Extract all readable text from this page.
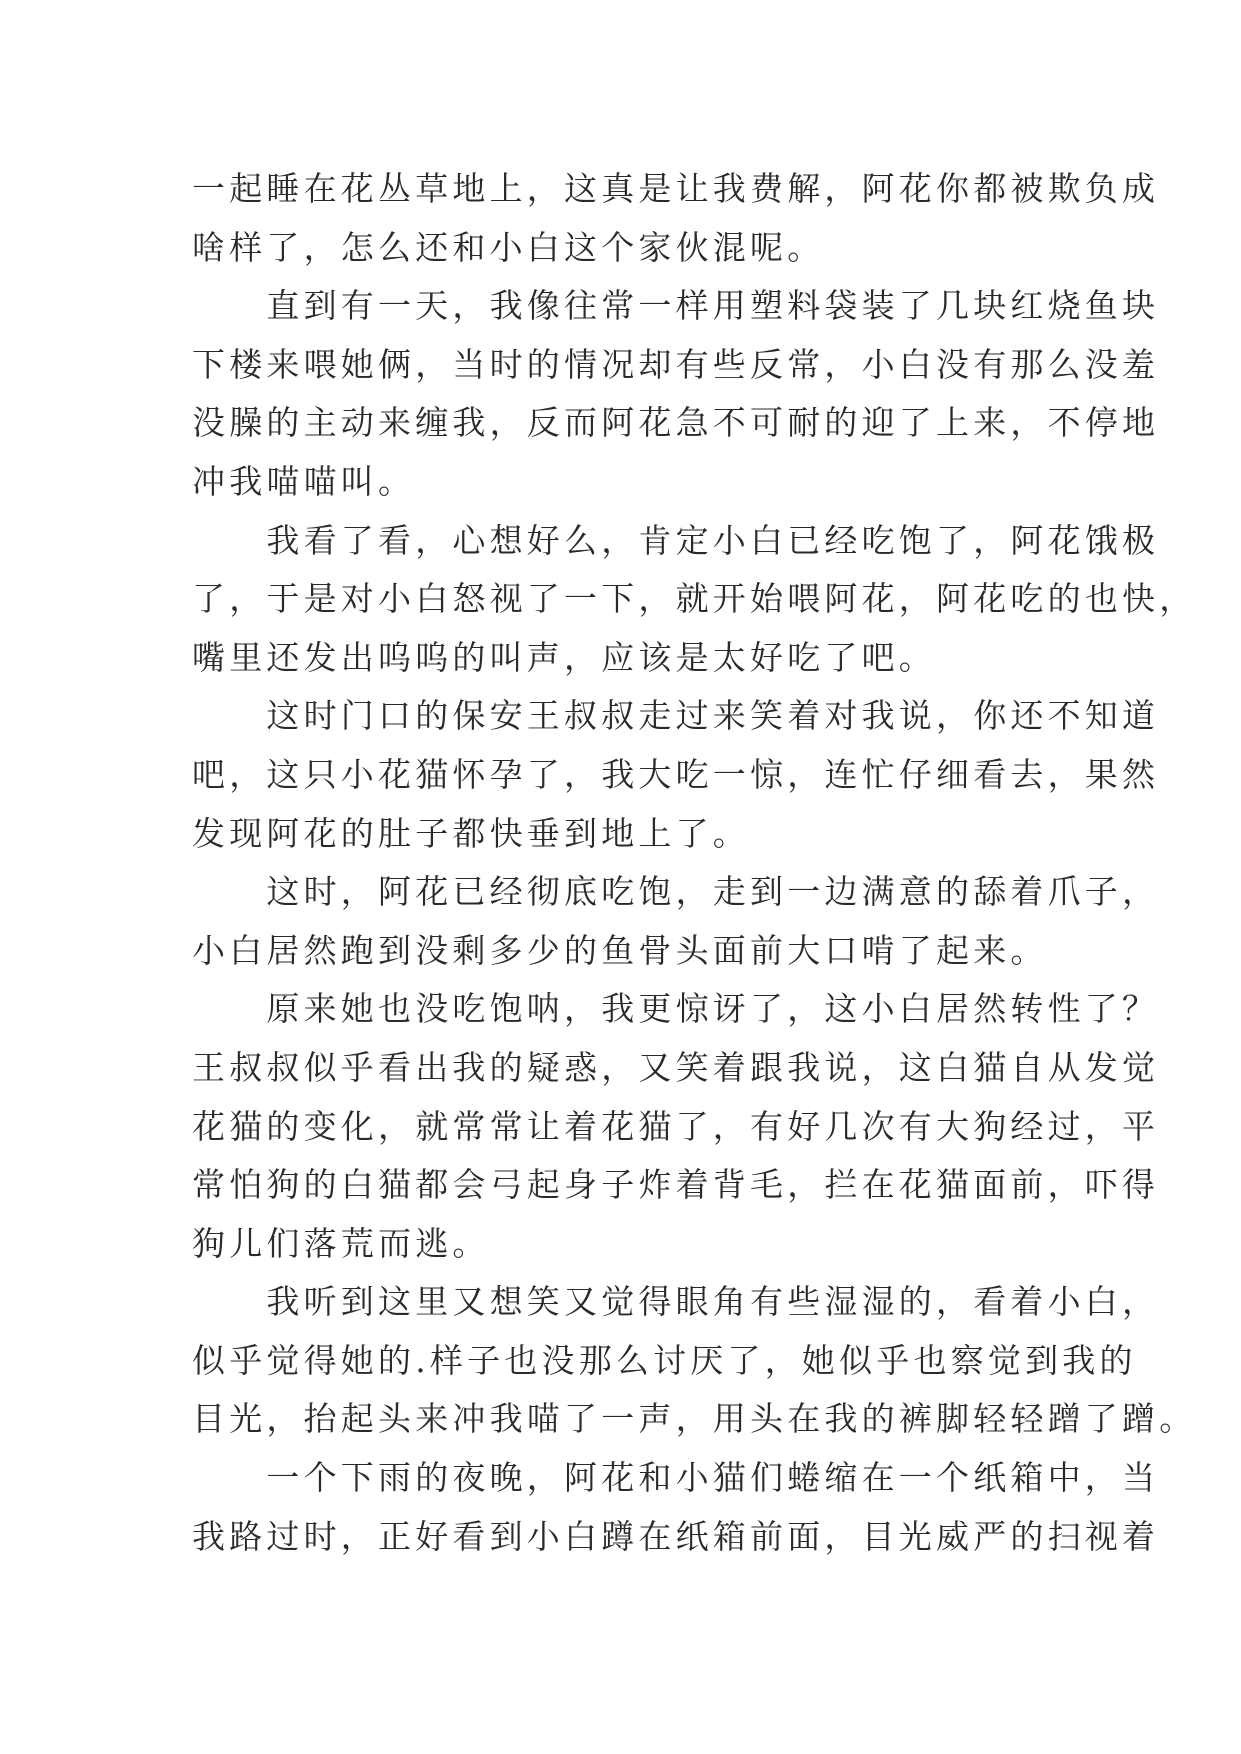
一起睡在花丛草地上，这真是让我费解，阿花你都被欺负成
啥样了，怎么还和小白这个家伙混呢。
　　直到有一天，我像往常一样用塑料袋装了几块红烧鱼块
下楼来喂她俩，当时的情况却有些反常，小白没有那么没羞
没臊的主动来缠我，反而阿花急不可耐的迎了上来，不停地
冲我喵喵叫。
　　我看了看，心想好么，肯定小白已经吃饱了，阿花饿极
了，于是对小白怒视了一下，就开始喂阿花，阿花吃的也快，
嘴里还发出呜呜的叫声，应该是太好吃了吧。
　　这时门口的保安王叔叔走过来笑着对我说，你还不知道
吧，这只小花猫怀孕了，我大吃一惊，连忙仔细看去，果然
发现阿花的肚子都快垂到地上了。
　　这时，阿花已经彻底吃饱，走到一边满意的舔着爪子，
小白居然跑到没剩多少的鱼骨头面前大口啃了起来。
　　原来她也没吃饱呐，我更惊讶了，这小白居然转性了？
王叔叔似乎看出我的疑惑，又笑着跟我说，这白猫自从发觉
花猫的变化，就常常让着花猫了，有好几次有大狗经过，平
常怕狗的白猫都会弓起身子炸着背毛，拦在花猫面前，吓得
狗儿们落荒而逃。
　　我听到这里又想笑又觉得眼角有些湿湿的，看着小白，
似乎觉得她的.样子也没那么讨厌了，她似乎也察觉到我的
目光，抬起头来冲我喵了一声，用头在我的裤脚轻轻蹭了蹭。
　　一个下雨的夜晚，阿花和小猫们蜷缩在一个纸箱中，当
我路过时，正好看到小白蹲在纸箱前面，目光威严的扫视着
